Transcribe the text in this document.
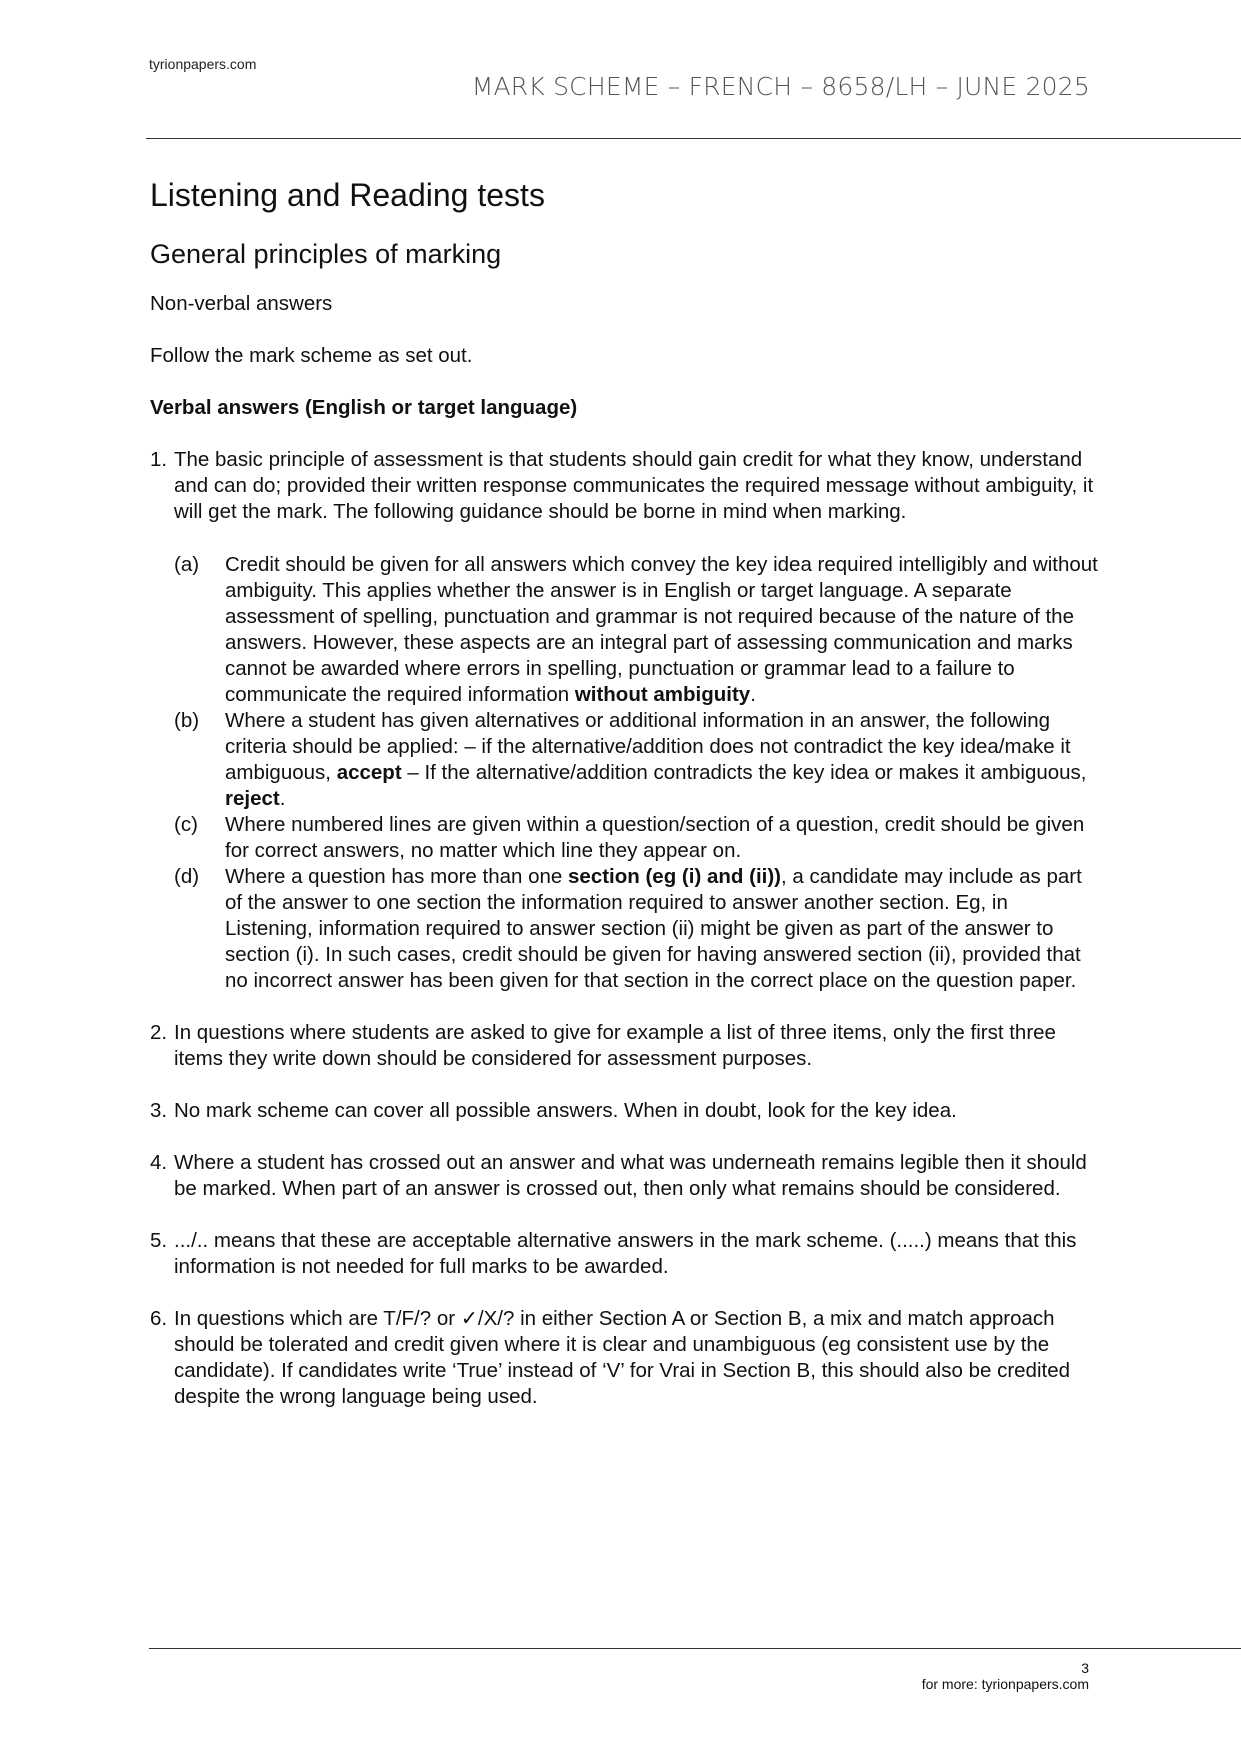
tyrionpapers.com
MARK SCHEME – FRENCH – 8658/LH – JUNE 2025
Listening and Reading tests
General principles of marking

Non-verbal answers

Follow the mark scheme as set out.

Verbal answers (English or target language)

1. The basic principle of assessment is that students should gain credit for what they know, understand and can do; provided their written response communicates the required message without ambiguity, it will get the mark. The following guidance should be borne in mind when marking.
(a)	Credit should be given for all answers which convey the key idea required intelligibly and without ambiguity. This applies whether the answer is in English or target language. A separate assessment of spelling, punctuation and grammar is not required because of the nature of the answers. However, these aspects are an integral part of assessing communication and marks cannot be awarded where errors in spelling, punctuation or grammar lead to a failure to communicate the required information without ambiguity.
(b)	Where a student has given alternatives or additional information in an answer, the following criteria should be applied: – if the alternative/addition does not contradict the key idea/make it ambiguous, accept – If the alternative/addition contradicts the key idea or makes it ambiguous, reject.
(c)	Where numbered lines are given within a question/section of a question, credit should be given for correct answers, no matter which line they appear on.
(d)	Where a question has more than one section (eg (i) and (ii)), a candidate may include as part of the answer to one section the information required to answer another section. Eg, in Listening, information required to answer section (ii) might be given as part of the answer to section (i). In such cases, credit should be given for having answered section (ii), provided that no incorrect answer has been given for that section in the correct place on the question paper.
2. In questions where students are asked to give for example a list of three items, only the first three items they write down should be considered for assessment purposes.
3. No mark scheme can cover all possible answers. When in doubt, look for the key idea.
4. Where a student has crossed out an answer and what was underneath remains legible then it should be marked. When part of an answer is crossed out, then only what remains should be considered.
5. .../.. means that these are acceptable alternative answers in the mark scheme. (.....) means that this information is not needed for full marks to be awarded.
6. In questions which are T/F/? or ✓/X/? in either Section A or Section B, a mix and match approach should be tolerated and credit given where it is clear and unambiguous (eg consistent use by the candidate). If candidates write ‘True’ instead of ‘V’ for Vrai in Section B, this should also be credited despite the wrong language being used.
3
for more: tyrionpapers.com
